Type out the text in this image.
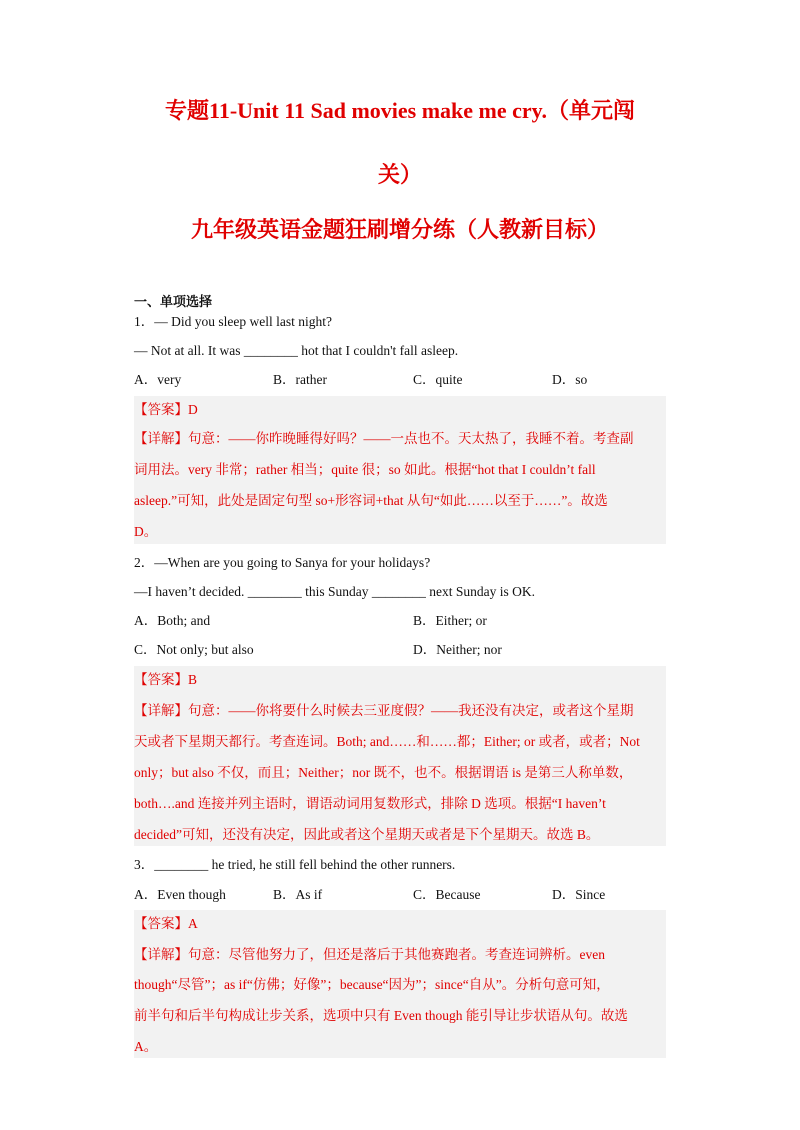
专题11-Unit 11 Sad movies make me cry.（单元闯
关）
九年级英语金题狂刷增分练（人教新目标）
一、单项选择
1．— Did you sleep well last night?
— Not at all. It was ________ hot that I couldn't fall asleep.
A．very	B．rather	C．quite	D．so
【答案】D
【详解】句意：——你昨晚睡得好吗？——一点也不。天太热了，我睡不着。考查副
词用法。very 非常；rather 相当；quite 很；so 如此。根据“hot that I couldn’t fall
asleep.”可知，此处是固定句型 so+形容词+that 从句“如此……以至于……”。故选
D。
2．—When are you going to Sanya for your holidays?
—I haven’t decided. ________ this Sunday ________ next Sunday is OK.
A．Both; and	B．Either; or
C．Not only; but also	D．Neither; nor
【答案】B
【详解】句意：——你将要什么时候去三亚度假？——我还没有决定，或者这个星期
天或者下星期天都行。考查连词。Both; and……和……都；Either; or 或者，或者；Not
only；but also 不仅，而且；Neither；nor 既不，也不。根据谓语 is 是第三人称单数，
both….and 连接并列主语时，谓语动词用复数形式，排除 D 选项。根据“I haven’t
decided”可知，还没有决定，因此或者这个星期天或者是下个星期天。故选 B。
3．________ he tried, he still fell behind the other runners.
A．Even though	B．As if	C．Because	D．Since
【答案】A
【详解】句意：尽管他努力了，但还是落后于其他赛跑者。考查连词辨析。even
though“尽管”；as if“仿佛；好像”；because“因为”；since“自从”。分析句意可知，
前半句和后半句构成让步关系，选项中只有 Even though 能引导让步状语从句。故选
A。
